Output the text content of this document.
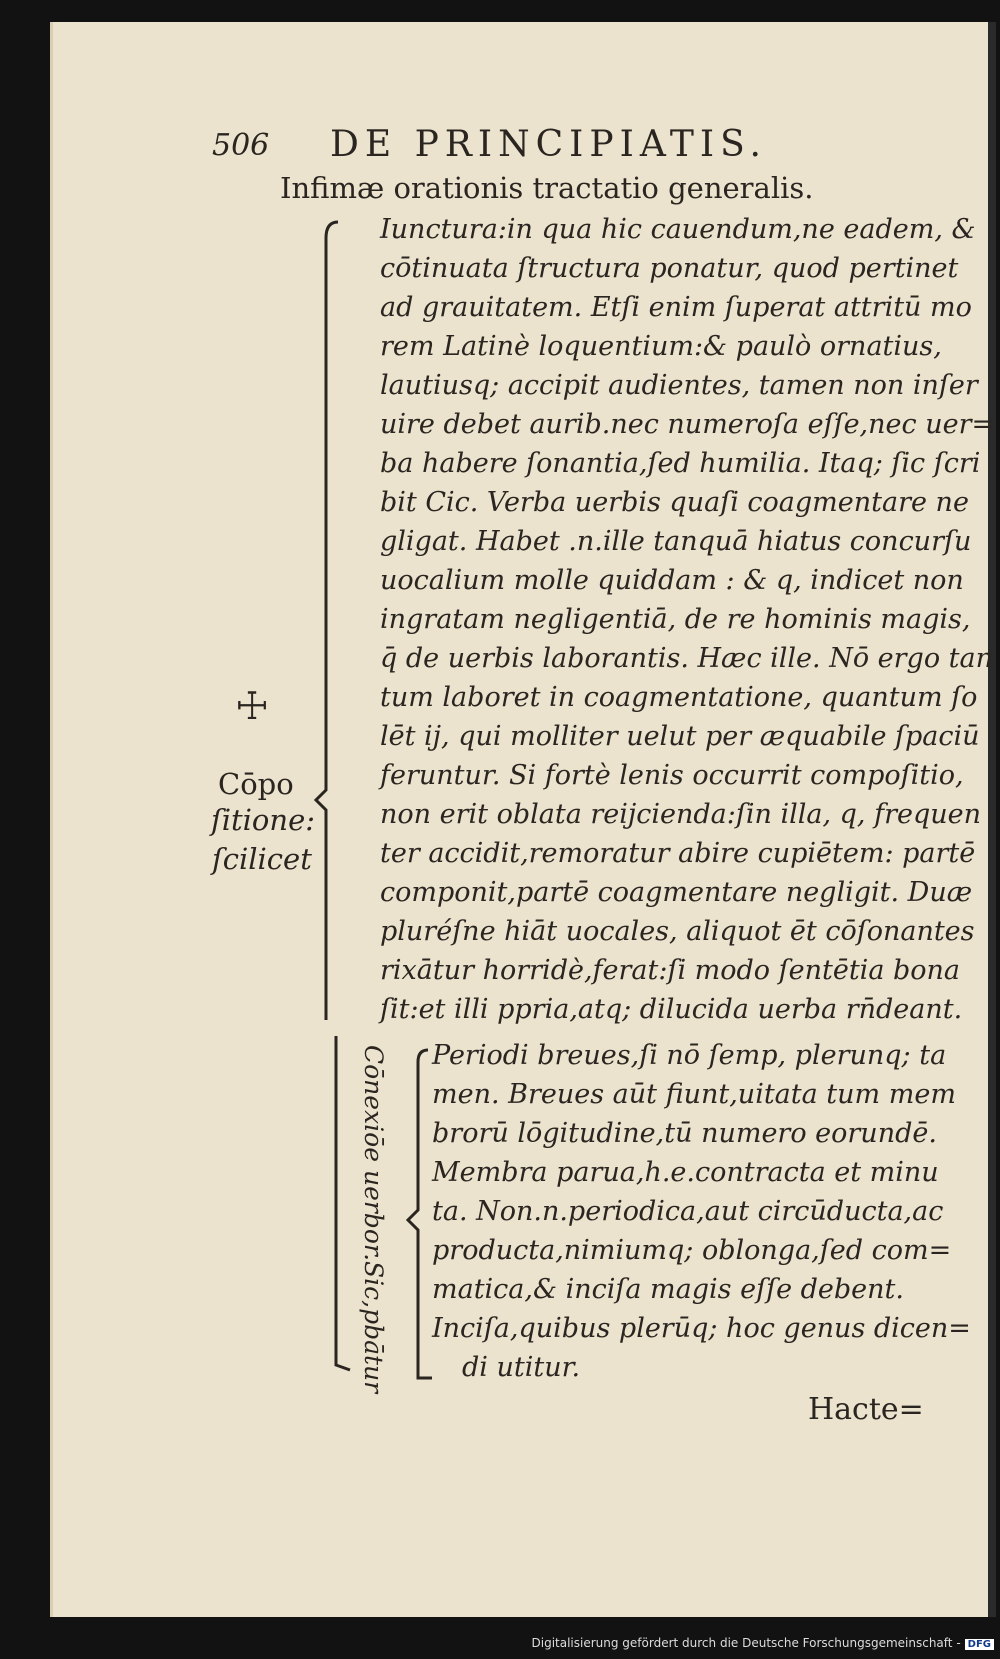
506 DE PRINCIPIATIS.
Infimæ orationis tractatio generalis.
☩
Cōpo
ſitione:
ſcilicet
Iunctura:in qua hic cauendum,ne eadem, &
cōtinuata ſtructura ponatur, quod pertinet
ad grauitatem. Etſi enim ſuperat attritū mo
rem Latinè loquentium:& paulò ornatius,
lautiusq; accipit audientes, tamen non inſer
uire debet aurib.nec numeroſa eſſe,nec uer=
ba habere ſonantia,ſed humilia. Itaq; ſic ſcri
bit Cic. Verba uerbis quaſi coagmentare ne
gligat. Habet .n.ille tanquā hiatus concurſu
uocalium molle quiddam : & q, indicet non
ingratam negligentiā, de re hominis magis,
q̄ de uerbis laborantis. Hæc ille. Nō ergo tan
tum laboret in coagmentatione, quantum ſo
lēt ij, qui molliter uelut per æquabile ſpaciū
feruntur. Si fortè lenis occurrit compoſitio,
non erit oblata reijcienda:ſin illa, q, frequen
ter accidit,remoratur abire cupiētem: partē
componit,partē coagmentare negligit. Duæ
pluréſne hiāt uocales, aliquot ēt cōſonantes
rixātur horridè,ferat:ſi modo ſentētia bona
ſit:et illi ppria,atq; dilucida uerba rn̄deant.
Cōnexiōe uerbor.Sic,pbātur Periodi breues,ſi nō ſemp, plerunq; ta
men. Breues aūt fiunt,uitata tum mem
brorū lōgitudine,tū numero eorundē.
Membra parua,h.e.contracta et minu
ta. Non.n.periodica,aut circūducta,ac
producta,nimiumq; oblonga,ſed com=
matica,& inciſa magis eſſe debent.
Inciſa,quibus plerūq; hoc genus dicen=
di utitur.
Hacte=
Digitalisierung gefördert durch die Deutsche Forschungsgemeinschaft - DFG
